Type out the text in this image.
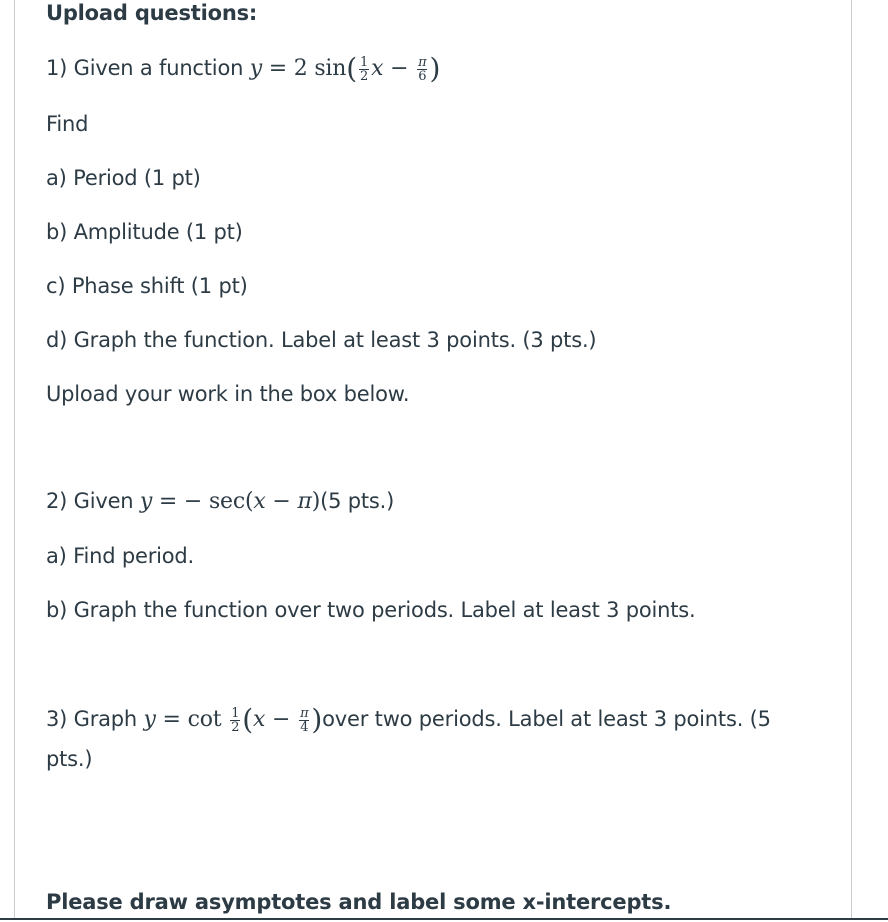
Upload questions:
1) Given a function y = 2 $\sin( \frac{1}{2}$ $x - \frac{\pi}{6}$ )
Find
a) Period (1 pt)
b) Amplitude (1 pt)
c) Phase shift (1 pt)
d) Graph the function. Label at least 3 points. (3 pts.)
Upload your work in the box below.
2) Given y = − sec(x − π)(5 pts.)
a) Find period.
b) Graph the function over two periods. Label at least 3 points.
3) Graph $y = \cot \frac{1}{2} (x - \frac{\pi}{4}$ )over two periods. Label at least 3 points. (5
pts.)
Please draw asymptotes and label some x-intercepts.
